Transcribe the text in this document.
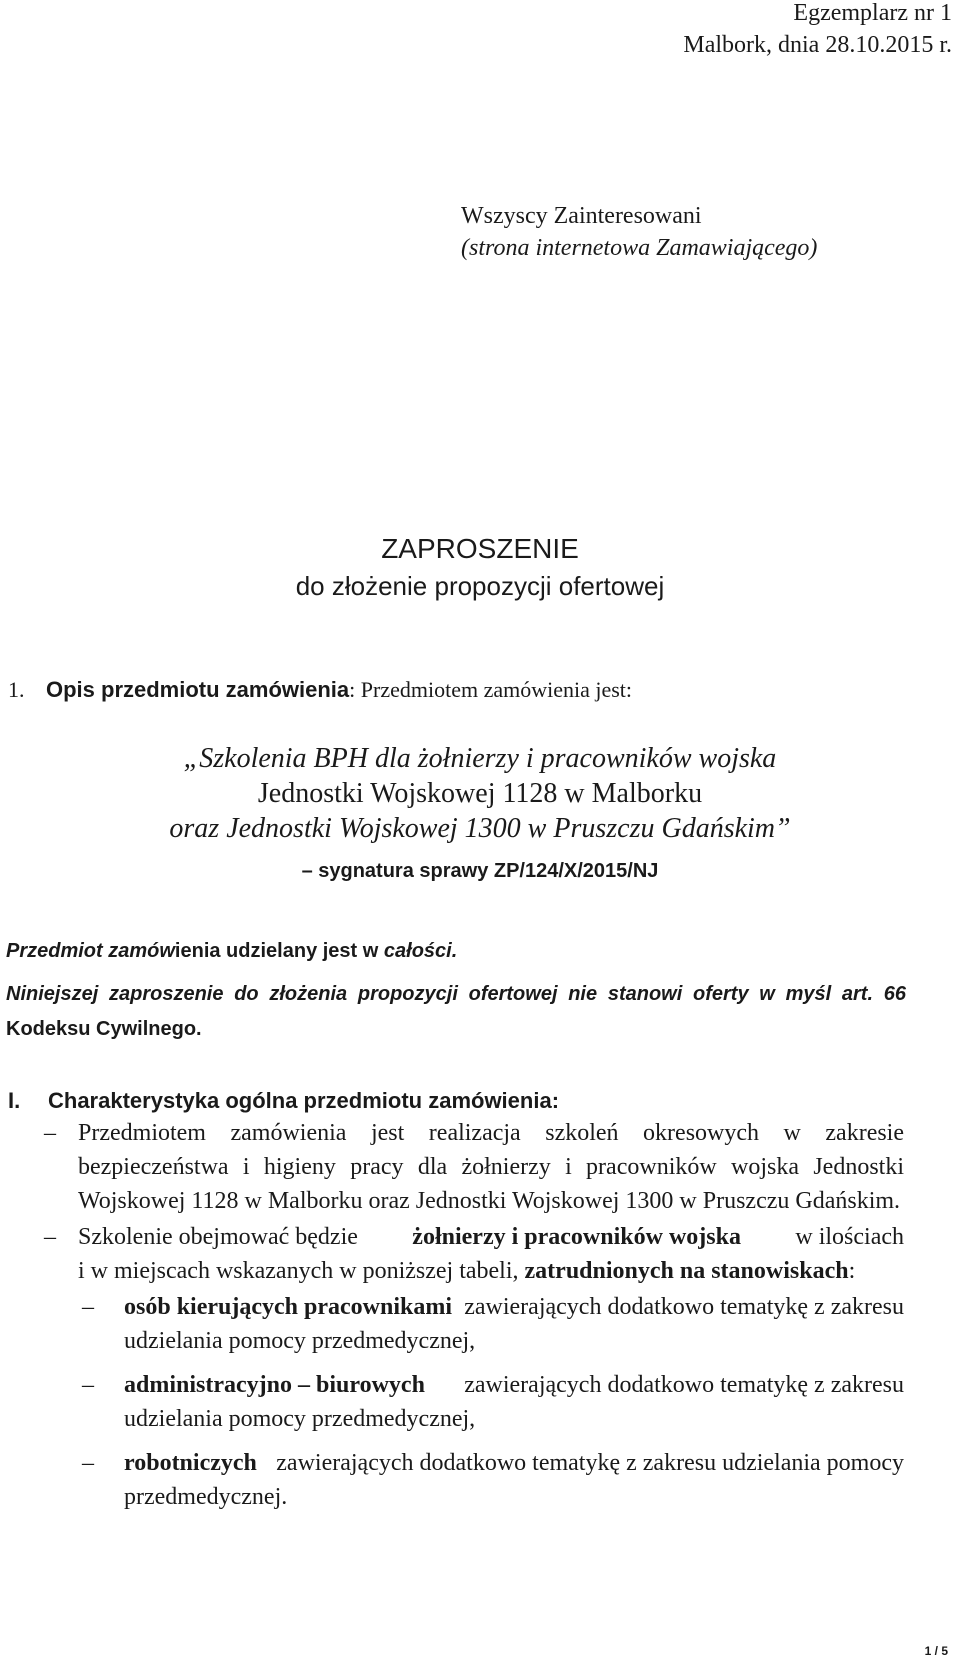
Egzemplarz nr 1
Malbork, dnia 28.10.2015 r.
Wszyscy Zainteresowani
(strona internetowa Zamawiającego)
ZAPROSZENIE
do złożenie propozycji ofertowej
1. Opis przedmiotu zamówienia: Przedmiotem zamówienia jest:
„Szkolenia BPH dla żołnierzy i pracowników wojska
Jednostki Wojskowej 1128 w Malborku
oraz Jednostki Wojskowej 1300 w Pruszczu Gdańskim”
– sygnatura sprawy ZP/124/X/2015/NJ
Przedmiot zamówienia udzielany jest w całości.
Niniejszej zaproszenie do złożenia propozycji ofertowej nie stanowi oferty w myśl art. 66
Kodeksu Cywilnego.
I. Charakterystyka ogólna przedmiotu zamówienia:
– Przedmiotem zamówienia jest realizacja szkoleń okresowych w zakresie
bezpieczeństwa i higieny pracy dla żołnierzy i pracowników wojska Jednostki
Wojskowej 1128 w Malborku oraz Jednostki Wojskowej 1300 w Pruszczu Gdańskim.
– Szkolenie obejmować będzie żołnierzy i pracowników wojska w ilościach
i w miejscach wskazanych w poniższej tabeli, zatrudnionych na stanowiskach:
– osób kierujących pracownikami zawierających dodatkowo tematykę z zakresu
udzielania pomocy przedmedycznej,
– administracyjno – biurowych zawierających dodatkowo tematykę z zakresu
udzielania pomocy przedmedycznej,
– robotniczych zawierających dodatkowo tematykę z zakresu udzielania pomocy
przedmedycznej.
1 / 5
